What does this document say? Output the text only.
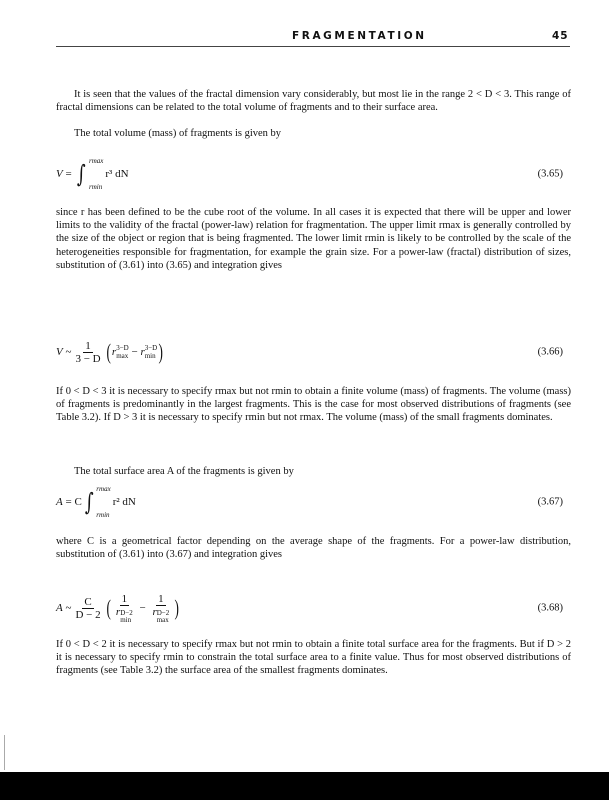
FRAGMENTATION	45

It is seen that the values of the fractal dimension vary considerably, but most lie in the range 2 < D < 3. This range of fractal dimensions can be related to the total volume of fragments and to their surface area.

The total volume (mass) of fragments is given by

V
=
∫ rmax
rmin
r³ dN	(3.65)

since r has been defined to be the cube root of the volume. In all cases it is expected that there will be upper and lower limits to the validity of the fractal (power-law) relation for fragmentation. The upper limit rmax is generally controlled by the size of the object or region that is being fragmented. The lower limit rmin is likely to be controlled by the scale of the heterogeneities responsible for fragmentation, for example the grain size. For a power-law (fractal) distribution of sizes, substitution of (3.61) into (3.65) and integration gives

V
~ $\frac{1}{3 - D}$ ( r 3−D
max
−
r 3−D
min )	(3.66)

If 0 < D < 3 it is necessary to specify rmax but not rmin to obtain a finite volume (mass) of fragments. The volume (mass) of fragments is predominantly in the largest fragments. This is the case for most observed distributions of fragments (see Table 3.2). If D > 3 it is necessary to specify rmin but not rmax. The volume (mass) of the small fragments dominates.

The total surface area A of the fragments is given by

A
= C ∫ rmax
rmin
r² dN	(3.67)

where C is a geometrical factor depending on the average shape of the fragments. For a power-law distribution, substitution of (3.61) into (3.67) and integration gives

A
~ $\frac{C}{D - 2}$ ( 1
r D−2
min
−
1
r D−2
max )	(3.68)

If 0 < D < 2 it is necessary to specify rmax but not rmin to obtain a finite total surface area for the fragments. But if D > 2 it is necessary to specify rmin to constrain the total surface area to a finite value. Thus for most observed distributions of fragments (see Table 3.2) the surface area of the smallest fragments dominates.
